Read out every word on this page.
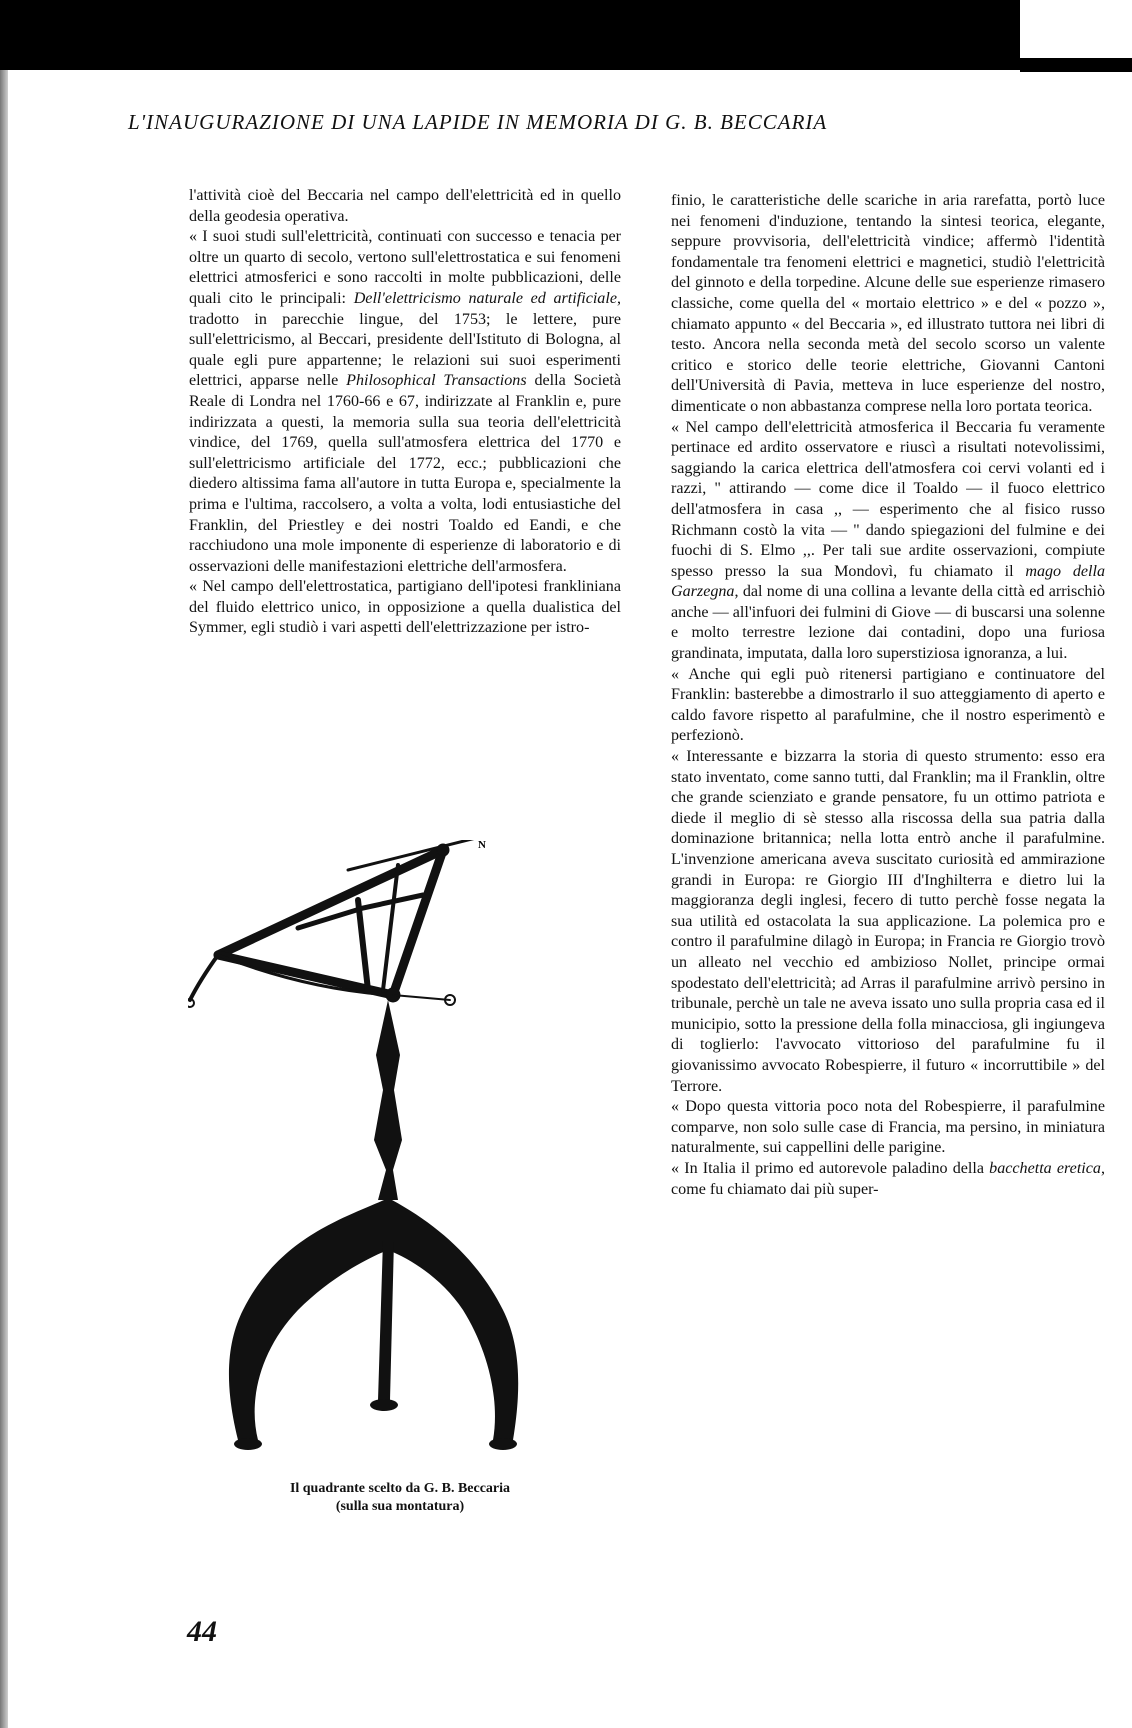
L'INAUGURAZIONE DI UNA LAPIDE IN MEMORIA DI G. B. BECCARIA

l'attività cioè del Beccaria nel campo dell'elettricità ed in quello della geodesia operativa.

« I suoi studi sull'elettricità, continuati con successo e tenacia per oltre un quarto di secolo, vertono sull'elettrostatica e sui fenomeni elettrici atmosferici e sono raccolti in molte pubblicazioni, delle quali cito le principali: Dell'elettricismo naturale ed artificiale, tradotto in parecchie lingue, del 1753; le lettere, pure sull'elettricismo, al Beccari, presidente dell'Istituto di Bologna, al quale egli pure appartenne; le relazioni sui suoi esperimenti elettrici, apparse nelle Philosophical Transactions della Società Reale di Londra nel 1760-66 e 67, indirizzate al Franklin e, pure indirizzata a questi, la memoria sulla sua teoria dell'elettricità vindice, del 1769, quella sull'atmosfera elettrica del 1770 e sull'elettricismo artificiale del 1772, ecc.; pubblicazioni che diedero altissima fama all'autore in tutta Europa e, specialmente la prima e l'ultima, raccolsero, a volta a volta, lodi entusiastiche del Franklin, del Priestley e dei nostri Toaldo ed Eandi, e che racchiudono una mole imponente di esperienze di laboratorio e di osservazioni delle manifestazioni elettriche dell'armosfera.

« Nel campo dell'elettrostatica, partigiano dell'ipotesi frankliniana del fluido elettrico unico, in opposizione a quella dualistica del Symmer, egli studiò i vari aspetti dell'elettrizzazione per istro-

finio, le caratteristiche delle scariche in aria rarefatta, portò luce nei fenomeni d'induzione, tentando la sintesi teorica, elegante, seppure provvisoria, dell'elettricità vindice; affermò l'identità fondamentale tra fenomeni elettrici e magnetici, studiò l'elettricità del ginnoto e della torpedine. Alcune delle sue esperienze rimasero classiche, come quella del « mortaio elettrico » e del « pozzo », chiamato appunto « del Beccaria », ed illustrato tuttora nei libri di testo. Ancora nella seconda metà del secolo scorso un valente critico e storico delle teorie elettriche, Giovanni Cantoni dell'Università di Pavia, metteva in luce esperienze del nostro, dimenticate o non abbastanza comprese nella loro portata teorica.

« Nel campo dell'elettricità atmosferica il Beccaria fu veramente pertinace ed ardito osservatore e riuscì a risultati notevolissimi, saggiando la carica elettrica dell'atmosfera coi cervi volanti ed i razzi, " attirando — come dice il Toaldo — il fuoco elettrico dell'atmosfera in casa ,, — esperimento che al fisico russo Richmann costò la vita — " dando spiegazioni del fulmine e dei fuochi di S. Elmo ,,. Per tali sue ardite osservazioni, compiute spesso presso la sua Mondovì, fu chiamato il mago della Garzegna, dal nome di una collina a levante della città ed arrischiò anche — all'infuori dei fulmini di Giove — di buscarsi una solenne e molto terrestre lezione dai contadini, dopo una furiosa grandinata, imputata, dalla loro superstiziosa ignoranza, a lui.

« Anche qui egli può ritenersi partigiano e continuatore del Franklin: basterebbe a dimostrarlo il suo atteggiamento di aperto e caldo favore rispetto al parafulmine, che il nostro esperimentò e perfezionò.

« Interessante e bizzarra la storia di questo strumento: esso era stato inventato, come sanno tutti, dal Franklin; ma il Franklin, oltre che grande scienziato e grande pensatore, fu un ottimo patriota e diede il meglio di sè stesso alla riscossa della sua patria dalla dominazione britannica; nella lotta entrò anche il parafulmine. L'invenzione americana aveva suscitato curiosità ed ammirazione grandi in Europa: re Giorgio III d'Inghilterra e dietro lui la maggioranza degli inglesi, fecero di tutto perchè fosse negata la sua utilità ed ostacolata la sua applicazione. La polemica pro e contro il parafulmine dilagò in Europa; in Francia re Giorgio trovò un alleato nel vecchio ed ambizioso Nollet, principe ormai spodestato dell'elettricità; ad Arras il parafulmine arrivò persino in tribunale, perchè un tale ne aveva issato uno sulla propria casa ed il municipio, sotto la pressione della folla minacciosa, gli ingiungeva di toglierlo: l'avvocato vittorioso del parafulmine fu il giovanissimo avvocato Robespierre, il futuro « incorruttibile » del Terrore.

« Dopo questa vittoria poco nota del Robespierre, il parafulmine comparve, non solo sulle case di Francia, ma persino, in miniatura naturalmente, sui cappellini delle parigine.

« In Italia il primo ed autorevole paladino della bacchetta eretica, come fu chiamato dai più super-

N
Il quadrante scelto da G. B. Beccaria
(sulla sua montatura)
44
